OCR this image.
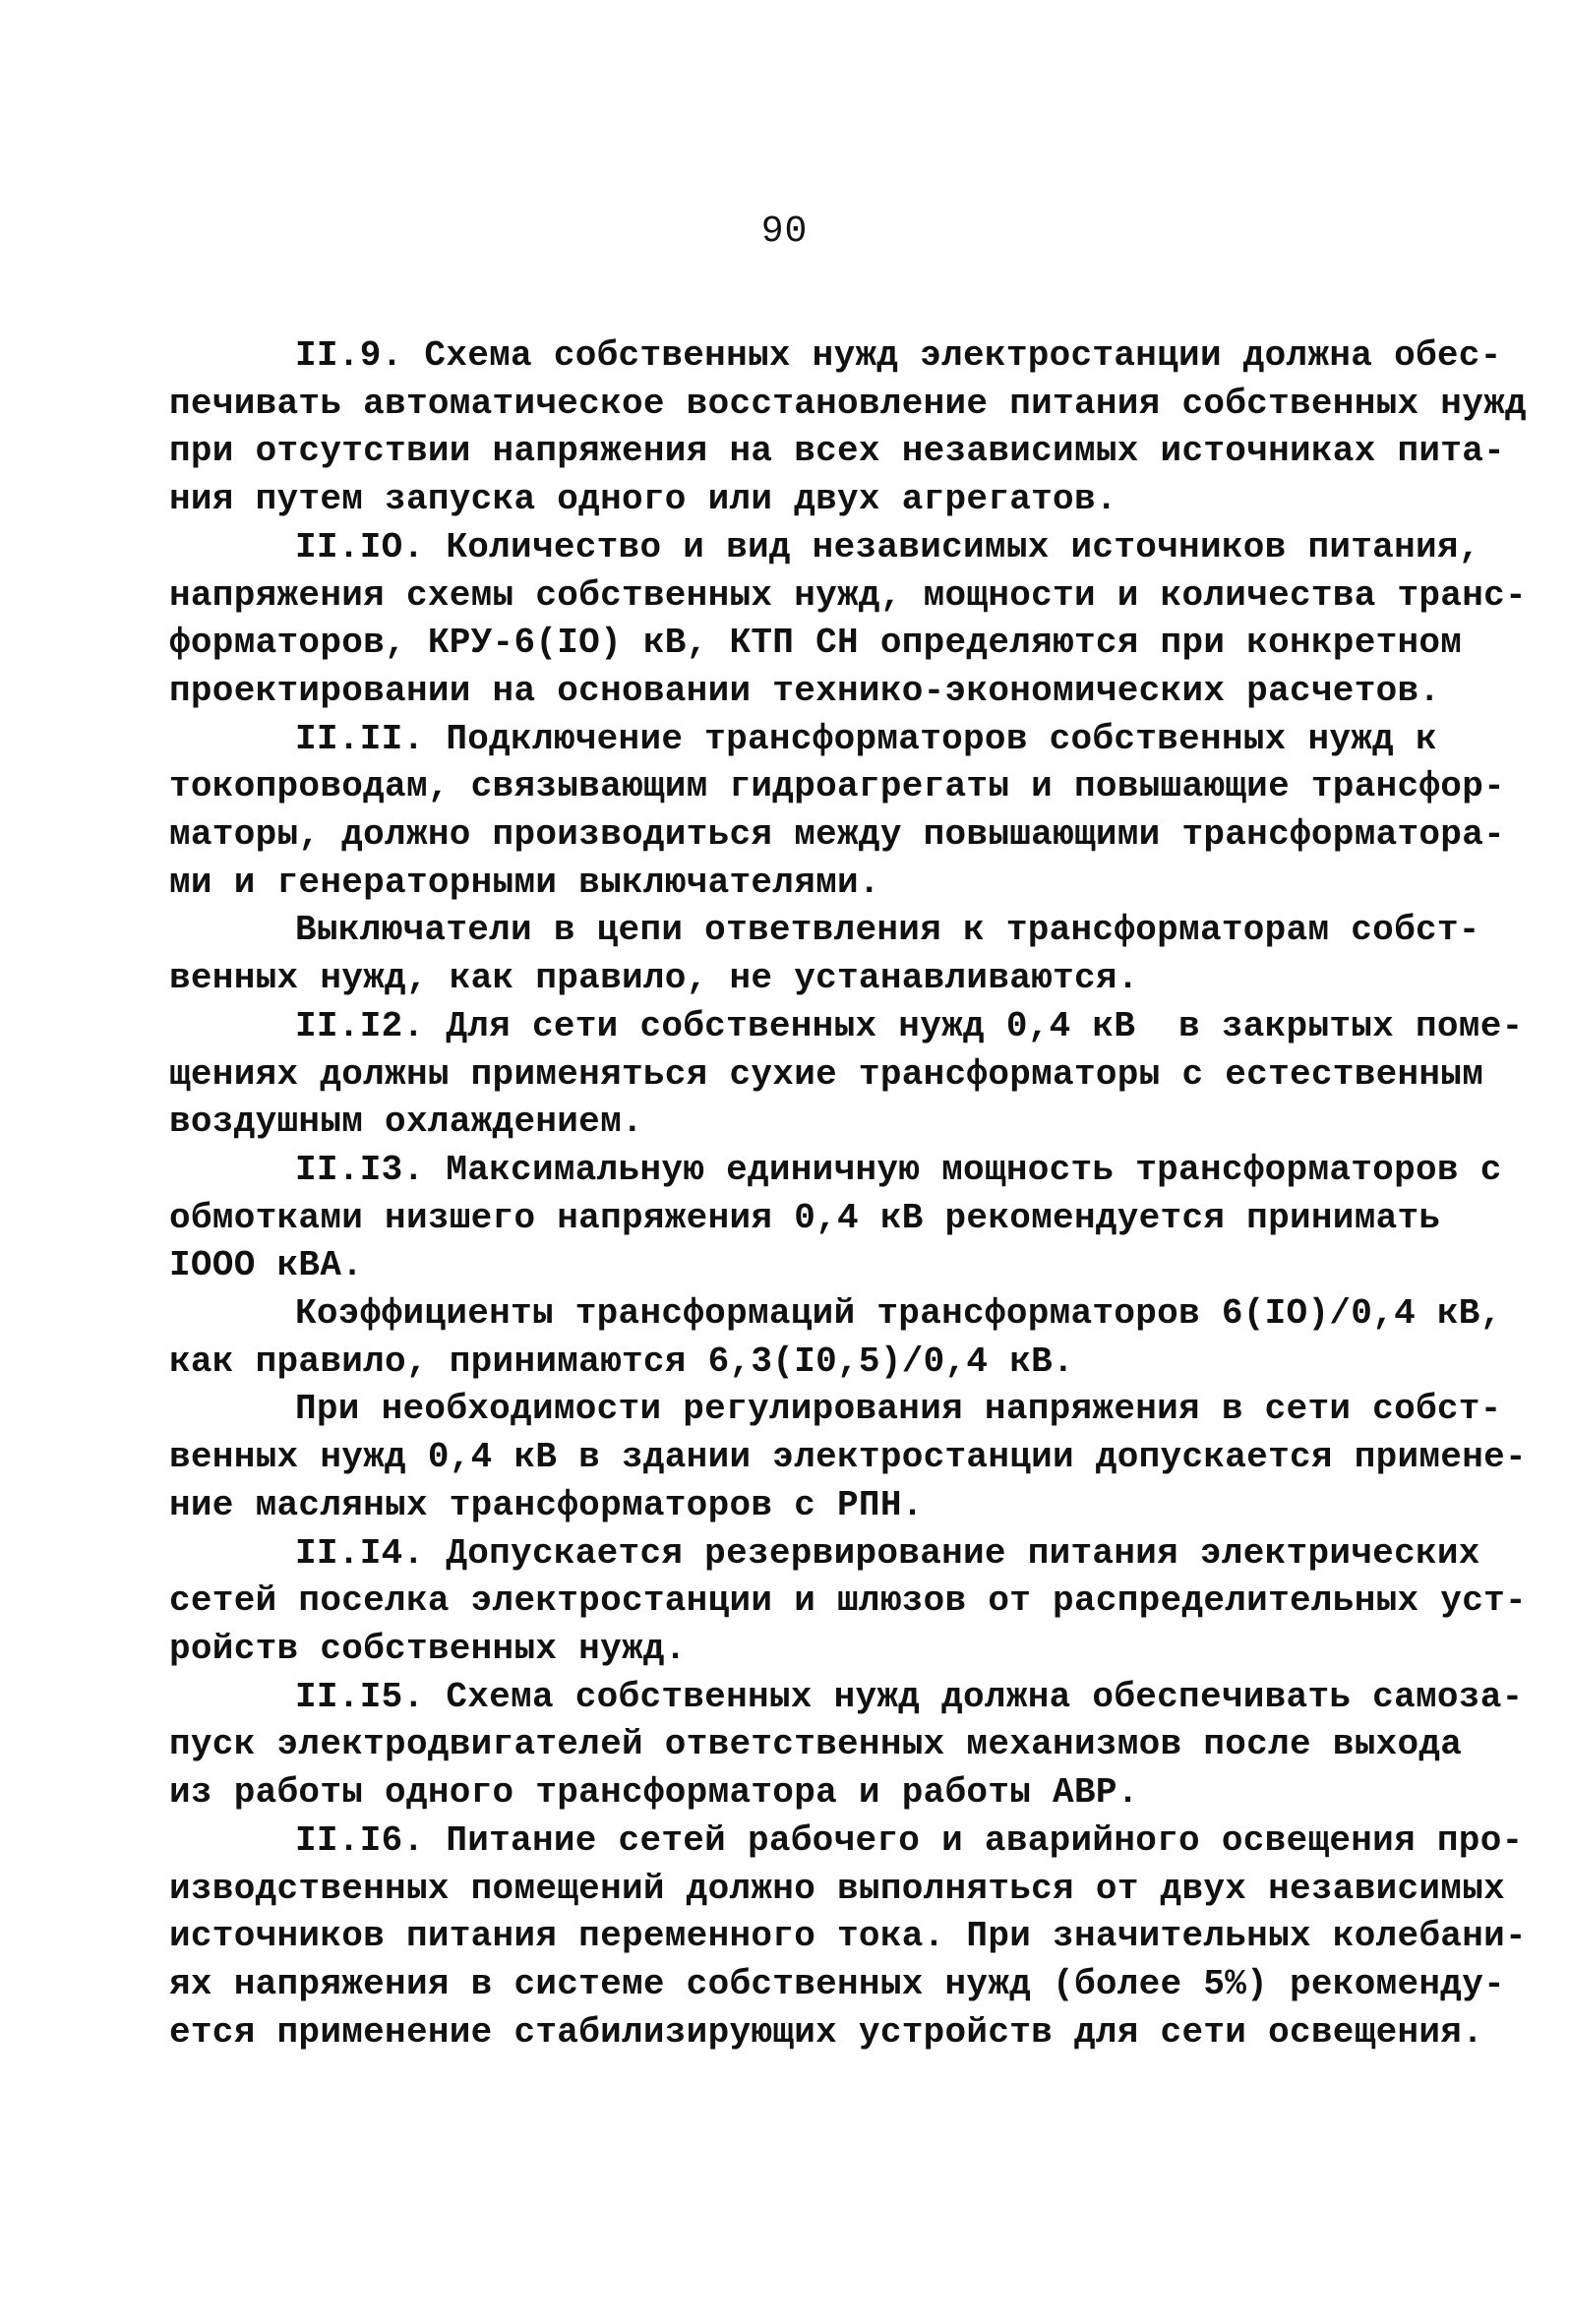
90
II.9. Схема собственных нужд электростанции должна обес-
печивать автоматическое восстановление питания собственных нужд
при отсутствии напряжения на всех независимых источниках пита-
ния путем запуска одного или двух агрегатов.
II.IO. Количество и вид независимых источников питания,
напряжения схемы собственных нужд, мощности и количества транс-
форматоров, КРУ-6(IO) кВ, КТП СН определяются при конкретном
проектировании на основании технико-экономических расчетов.
II.II. Подключение трансформаторов собственных нужд к
токопроводам, связывающим гидроагрегаты и повышающие трансфор-
маторы, должно производиться между повышающими трансформатора-
ми и генераторными выключателями.
Выключатели в цепи ответвления к трансформаторам собст-
венных нужд, как правило, не устанавливаются.
II.I2. Для сети собственных нужд 0,4 кВ  в закрытых поме-
щениях должны применяться сухие трансформаторы с естественным
воздушным охлаждением.
II.I3. Максимальную единичную мощность трансформаторов с
обмотками низшего напряжения 0,4 кВ рекомендуется принимать
IOOO кВА.
Коэффициенты трансформаций трансформаторов 6(IO)/0,4 кВ,
как правило, принимаются 6,3(I0,5)/0,4 кВ.
При необходимости регулирования напряжения в сети собст-
венных нужд 0,4 кВ в здании электростанции допускается примене-
ние масляных трансформаторов с РПН.
II.I4. Допускается резервирование питания электрических
сетей поселка электростанции и шлюзов от распределительных уст-
ройств собственных нужд.
II.I5. Схема собственных нужд должна обеспечивать самоза-
пуск электродвигателей ответственных механизмов после выхода
из работы одного трансформатора и работы АВР.
II.I6. Питание сетей рабочего и аварийного освещения про-
изводственных помещений должно выполняться от двух независимых
источников питания переменного тока. При значительных колебани-
ях напряжения в системе собственных нужд (более 5%) рекоменду-
ется применение стабилизирующих устройств для сети освещения.
